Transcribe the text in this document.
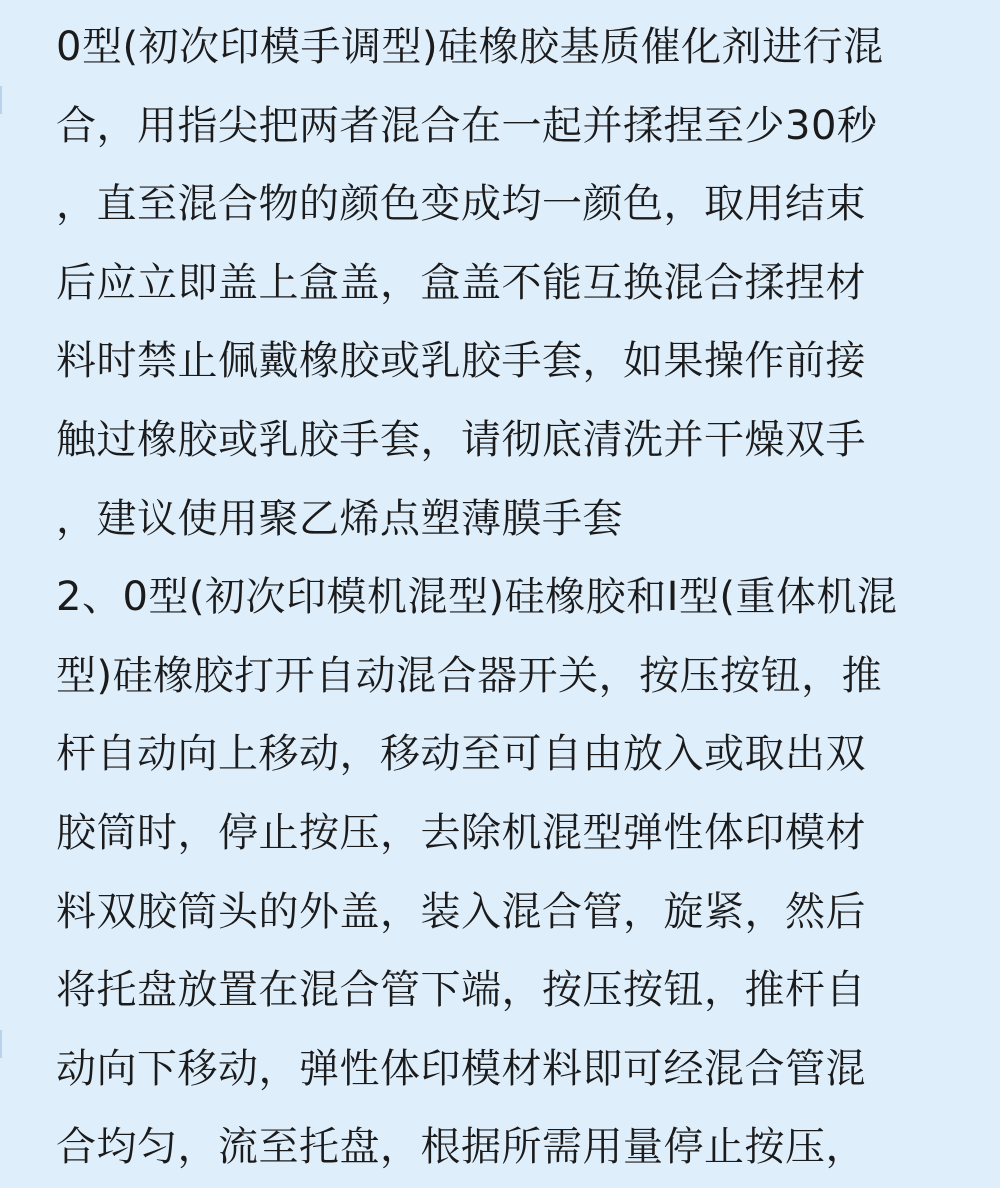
0型(初次印模手调型)硅橡胶基质催化剂进行混
合，用指尖把两者混合在一起并揉捏至少30秒
，直至混合物的颜色变成均一颜色，取用结束
后应立即盖上盒盖，盒盖不能互换混合揉捏材
料时禁止佩戴橡胶或乳胶手套，如果操作前接
触过橡胶或乳胶手套，请彻底清洗并干燥双手
，建议使用聚乙烯点塑薄膜手套
2、0型(初次印模机混型)硅橡胶和I型(重体机混
型)硅橡胶打开自动混合器开关，按压按钮，推
杆自动向上移动，移动至可自由放入或取出双
胶筒时，停止按压，去除机混型弹性体印模材
料双胶筒头的外盖，装入混合管，旋紧，然后
将托盘放置在混合管下端，按压按钮，推杆自
动向下移动，弹性体印模材料即可经混合管混
合均匀，流至托盘，根据所需用量停止按压，
